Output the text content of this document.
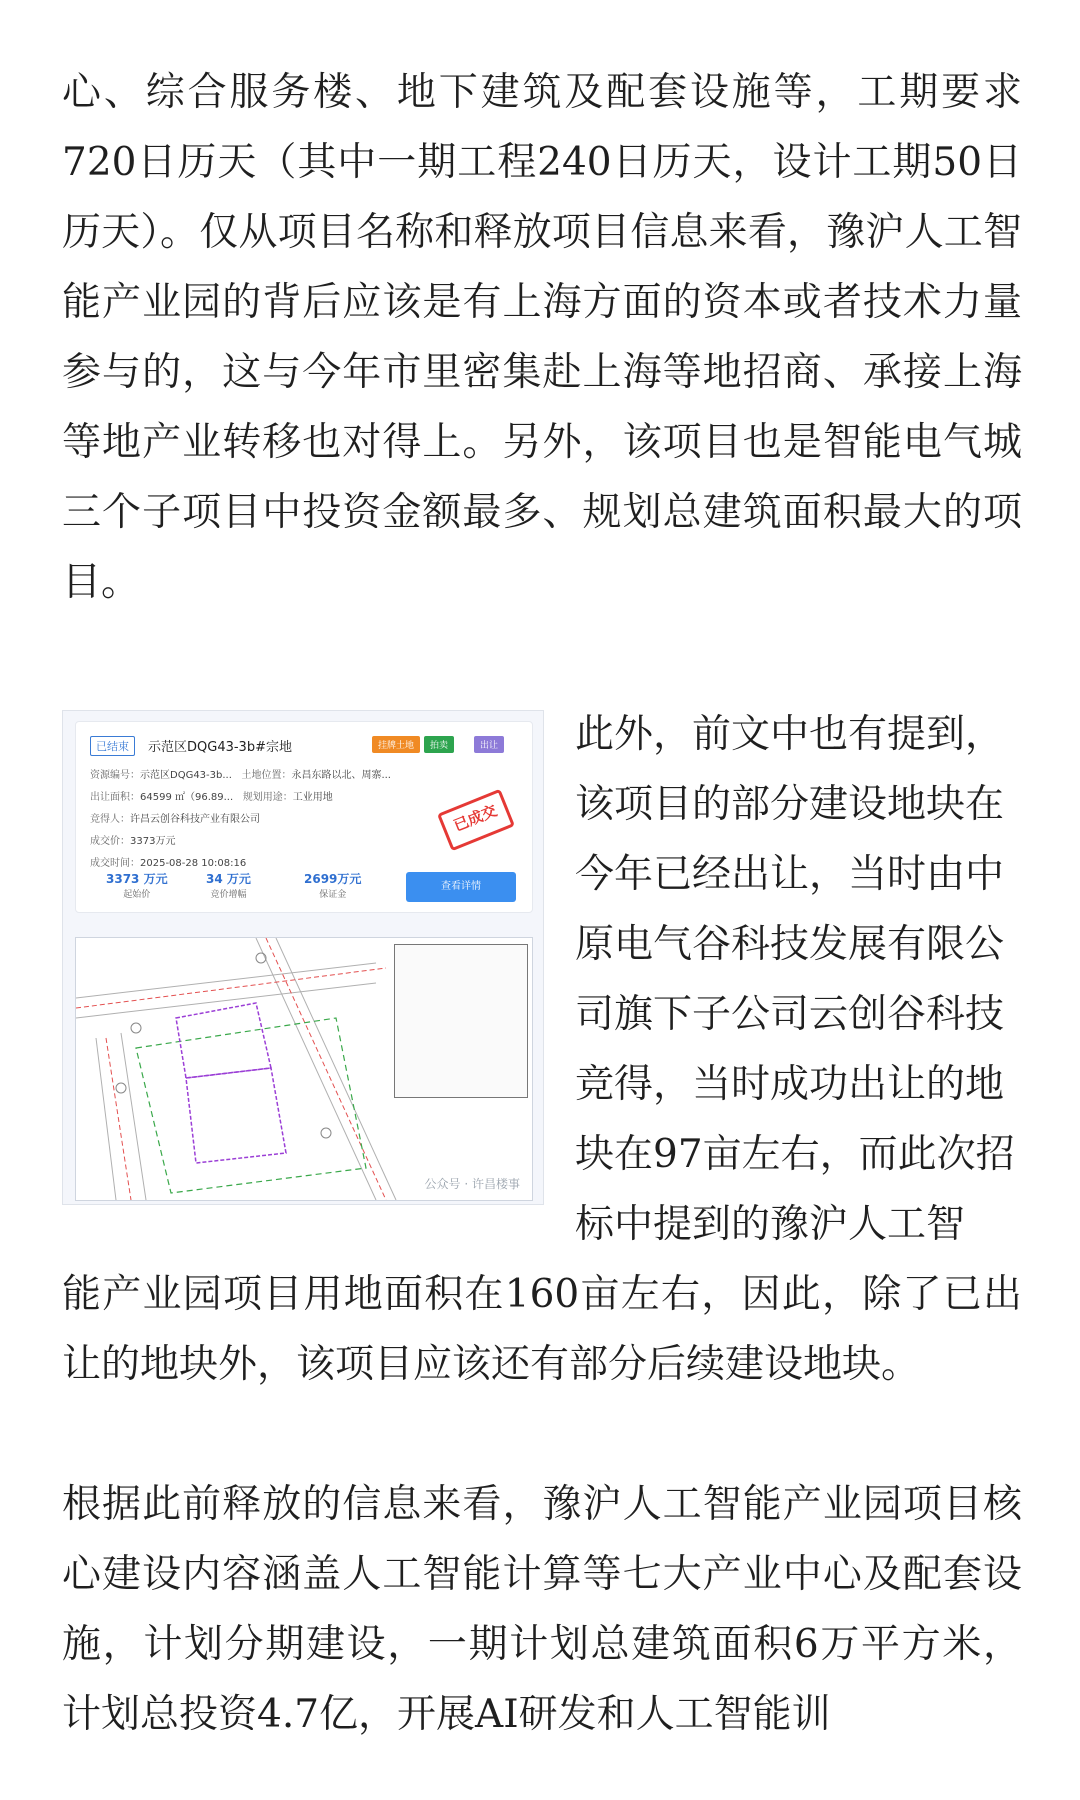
心、综合服务楼、地下建筑及配套设施等，工期要求720日历天（其中一期工程240日历天，设计工期50日历天）。仅从项目名称和释放项目信息来看，豫沪人工智能产业园的背后应该是有上海方面的资本或者技术力量参与的，这与今年市里密集赴上海等地招商、承接上海等地产业转移也对得上。另外，该项目也是智能电气城三个子项目中投资金额最多、规划总建筑面积最大的项目。

已结束	示范区DQG43-3b#宗地	挂牌土地	拍卖	出让
资源编号：示范区DQG43-3b... 土地位置：永昌东路以北、周寨...
出让面积：64599 ㎡（96.89... 规划用途：工业用地
竞得人：许昌云创谷科技产业有限公司
成交价：3373万元
成交时间：2025-08-28 10:08:16
已成交
3373 万元
起始价
34 万元
竞价增幅
2699万元
保证金
查看详情
公众号 · 许昌楼事
此外，前文中也有提到，该项目的部分建设地块在今年已经出让，当时由中原电气谷科技发展有限公司旗下子公司云创谷科技竞得，当时成功出让的地块在97亩左右，而此次招标中提到的豫沪人工智

能产业园项目用地面积在160亩左右，因此，除了已出让的地块外，该项目应该还有部分后续建设地块。

根据此前释放的信息来看，豫沪人工智能产业园项目核心建设内容涵盖人工智能计算等七大产业中心及配套设施，计划分期建设，一期计划总建筑面积6万平方米，计划总投资4.7亿，开展AI研发和人工智能训
